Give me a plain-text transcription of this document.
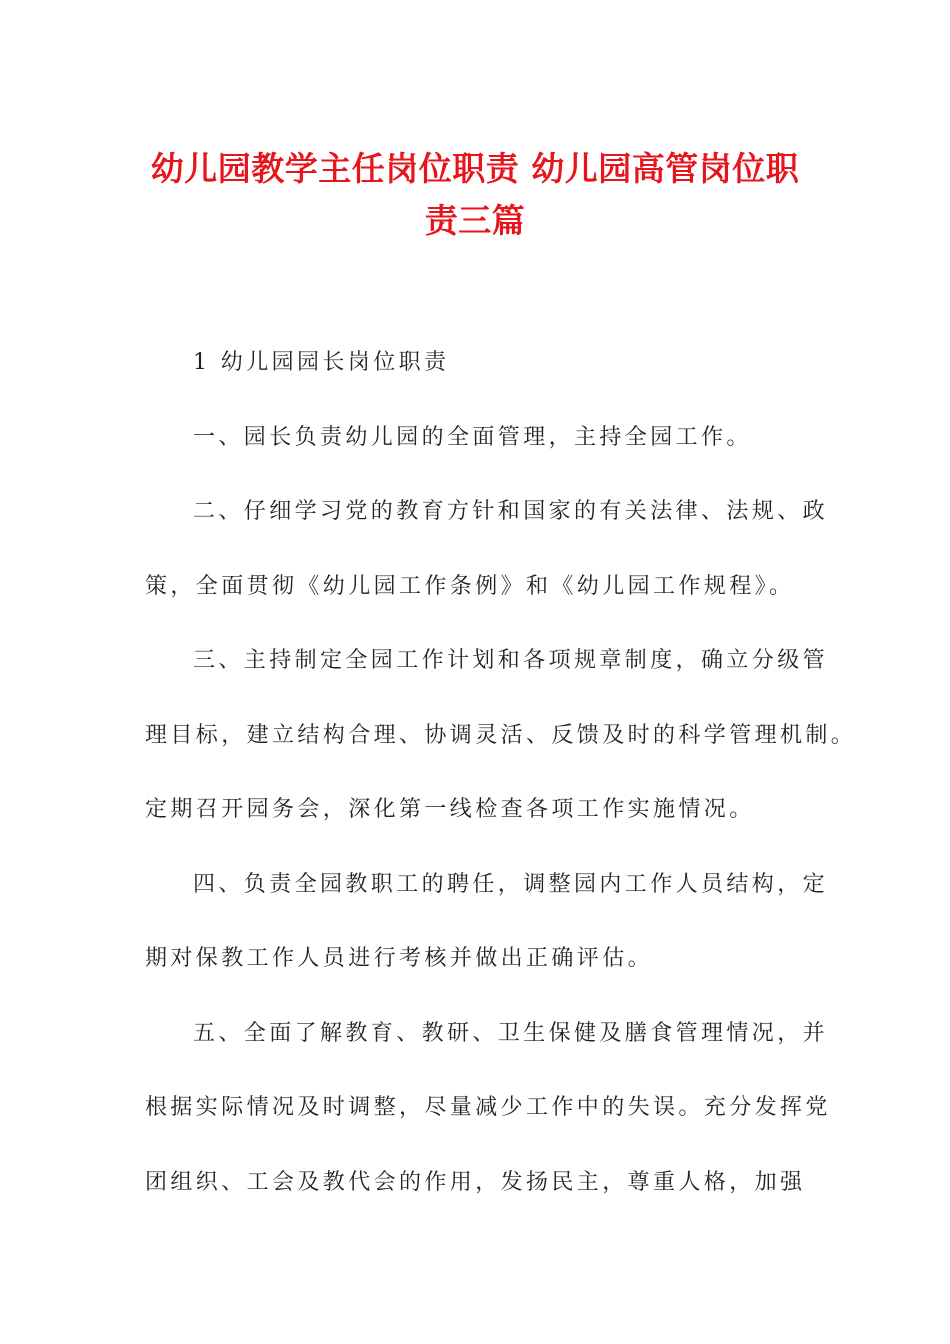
幼儿园教学主任岗位职责 幼儿园高管岗位职
责三篇

1 幼儿园园长岗位职责

一、园长负责幼儿园的全面管理，主持全园工作。

二、仔细学习党的教育方针和国家的有关法律、法规、政

策，全面贯彻《幼儿园工作条例》和《幼儿园工作规程》。

三、主持制定全园工作计划和各项规章制度，确立分级管

理目标，建立结构合理、协调灵活、反馈及时的科学管理机制。

定期召开园务会，深化第一线检查各项工作实施情况。

四、负责全园教职工的聘任，调整园内工作人员结构，定

期对保教工作人员进行考核并做出正确评估。

五、全面了解教育、教研、卫生保健及膳食管理情况，并

根据实际情况及时调整，尽量减少工作中的失误。充分发挥党

团组织、工会及教代会的作用，发扬民主，尊重人格，加强
